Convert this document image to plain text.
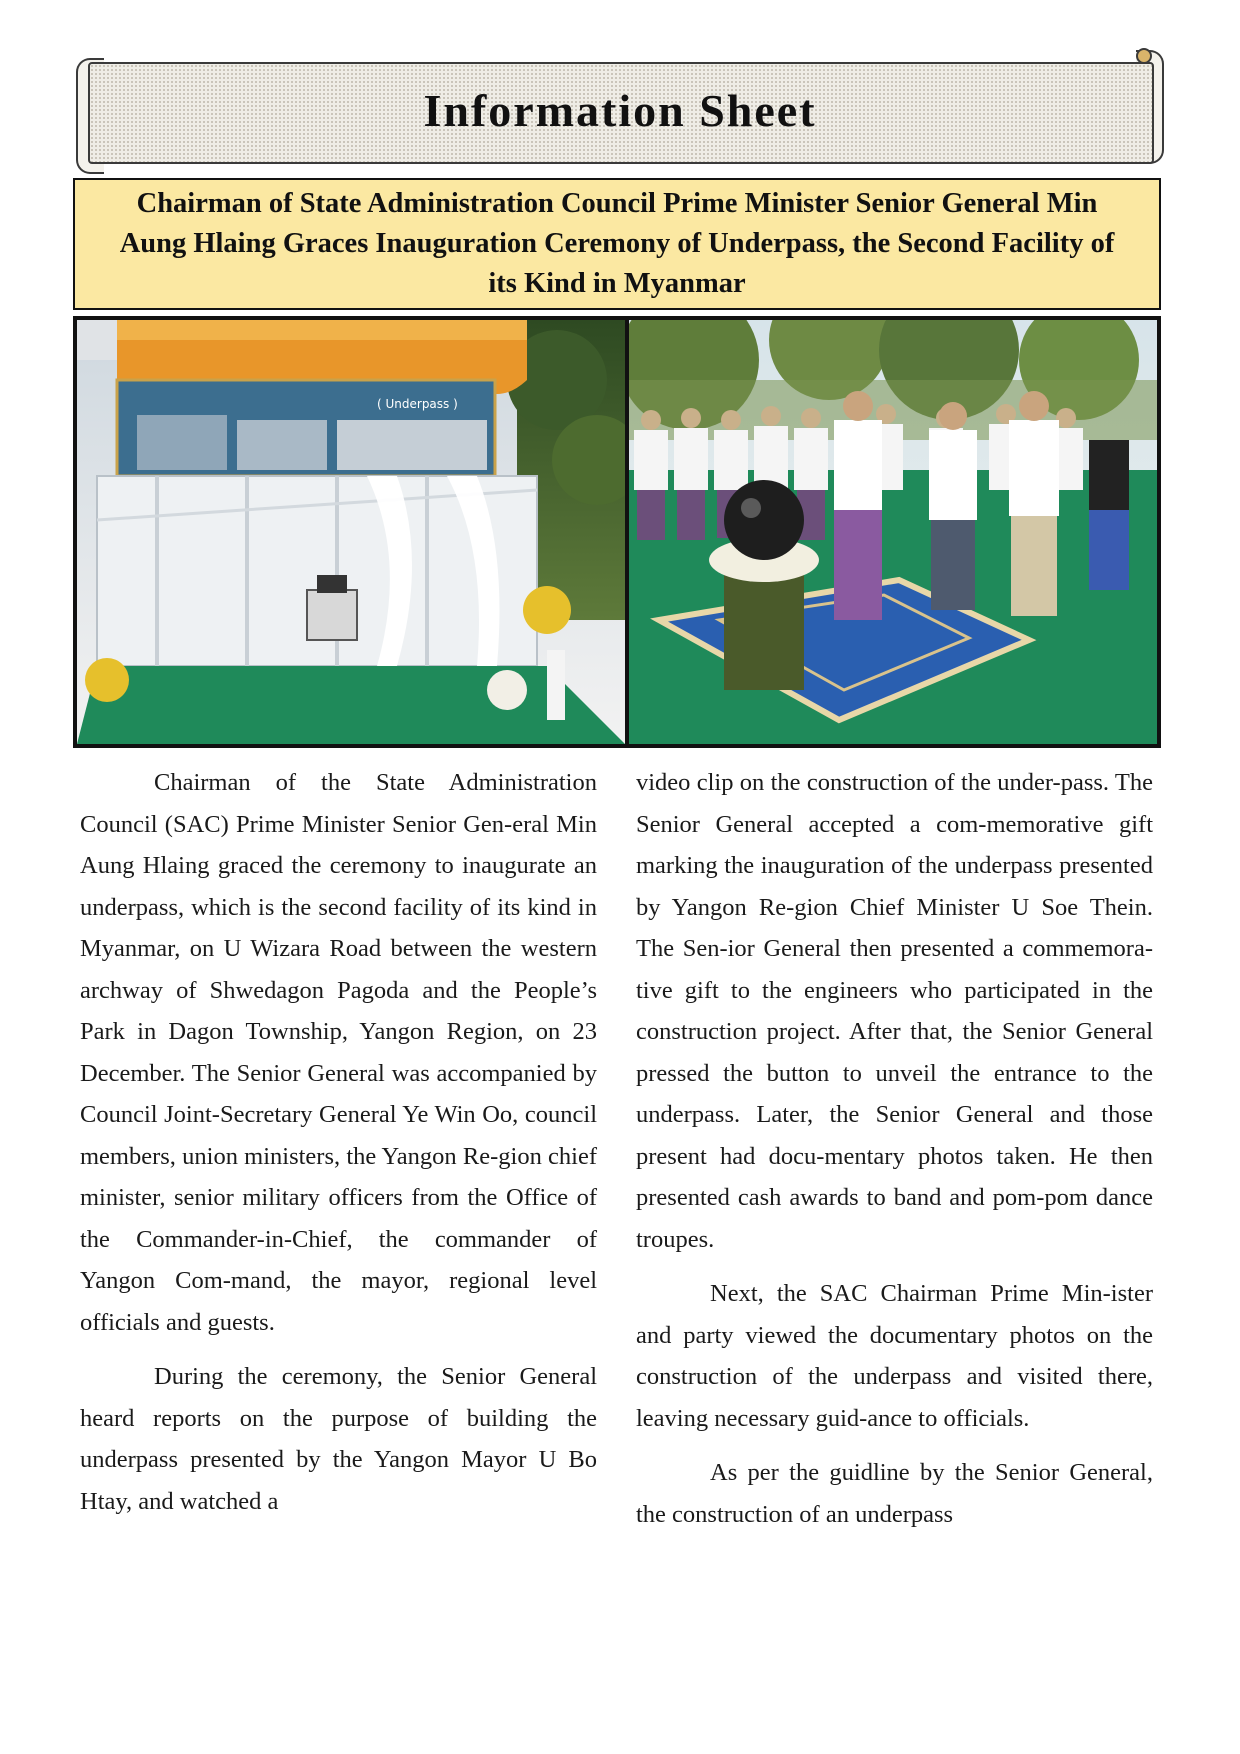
Information Sheet
Chairman of State Administration Council Prime Minister Senior General Min Aung Hlaing Graces Inauguration Ceremony of Underpass, the Second Facility of its Kind in Myanmar
( Underpass )

Chairman of the State Administration Council (SAC) Prime Minister Senior Gen-eral Min Aung Hlaing graced the ceremony to inaugurate an underpass, which is the second facility of its kind in Myanmar, on U Wizara Road between the western archway of Shwedagon Pagoda and the People’s Park in Dagon Township, Yangon Region, on 23 December. The Senior General was accompanied by Council Joint-Secretary General Ye Win Oo, council members, union ministers, the Yangon Re-gion chief minister, senior military officers from the Office of the Commander-in-Chief, the commander of Yangon Com-mand, the mayor, regional level officials and guests.

During the ceremony, the Senior General heard reports on the purpose of building the underpass presented by the Yangon Mayor U Bo Htay, and watched a

video clip on the construction of the under-pass. The Senior General accepted a com-memorative gift marking the inauguration of the underpass presented by Yangon Re-gion Chief Minister U Soe Thein. The Sen-ior General then presented a commemora-tive gift to the engineers who participated in the construction project. After that, the Senior General pressed the button to unveil the entrance to the underpass. Later, the Senior General and those present had docu-mentary photos taken. He then presented cash awards to band and pom-pom dance troupes.

Next, the SAC Chairman Prime Min-ister and party viewed the documentary photos on the construction of the underpass and visited there, leaving necessary guid-ance to officials.

As per the guidline by the Senior General, the construction of an underpass
